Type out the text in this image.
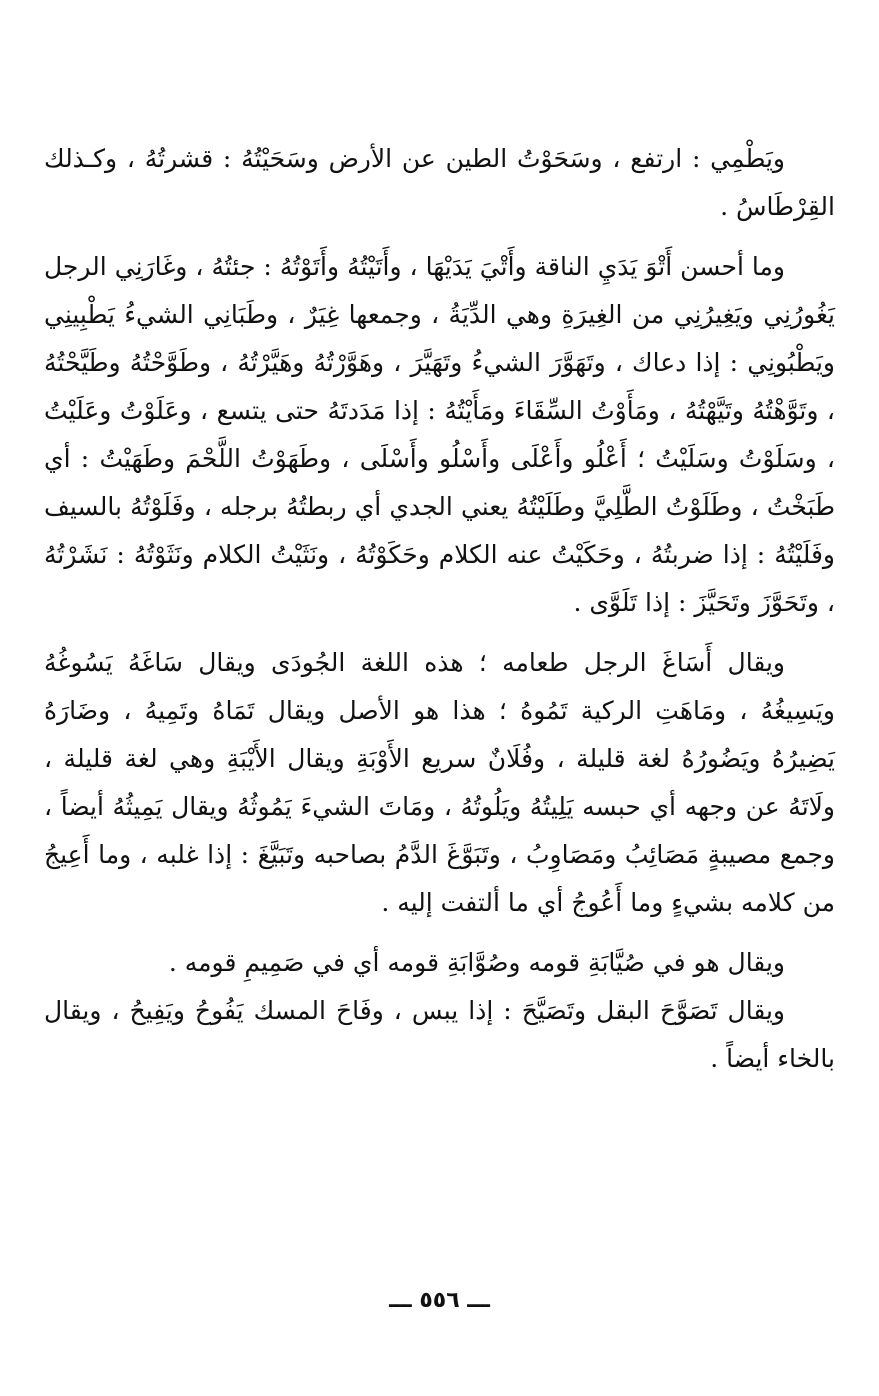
ويَطْمِي : ارتفع ، وسَحَوْتُ الطين عن الأرض وسَحَيْتُهُ : قشرتُهُ ، وكـذلك القِرْطَاسُ .

وما أحسن أَتْوَ يَدَيِ الناقة وأَتْيَ يَدَيْهَا ، وأَتَيْتُهُ وأَتَوْتُهُ : جئتُهُ ، وغَارَنِي الرجل يَغُورُنِي ويَغِيرُنِي من الغِيرَةِ وهي الدِّيَةُ ، وجمعها غِيَرٌ ، وطَبَانِي الشيءُ يَطْبِينِي ويَطْبُونِي : إذا دعاك ، وتَهَوَّرَ الشيءُ وتَهَيَّرَ ، وهَوَّرْتُهُ وهَيَّرْتُهُ ، وطَوَّحْتُهُ وطَيَّحْتُهُ ، وتَوَّهْتُهُ وتَيَّهْتُهُ ، ومَأَوْتُ السِّقَاءَ ومَأَيْتُهُ : إذا مَدَدتَهُ حتى يتسع ، وعَلَوْتُ وعَلَيْتُ ، وسَلَوْتُ وسَلَيْتُ ؛ أَعْلُو وأَعْلَى وأَسْلُو وأَسْلَى ، وطَهَوْتُ اللَّحْمَ وطَهَيْتُ : أي طَبَخْتُ ، وطَلَوْتُ الطَّلِيَّ وطَلَيْتُهُ يعني الجدي أي ربطتُهُ برجله ، وفَلَوْتُهُ بالسيف وفَلَيْتُهُ : إذا ضربتُهُ ، وحَكَيْتُ عنه الكلام وحَكَوْتُهُ ، ونَثَيْتُ الكلام ونَثَوْتُهُ : نَشَرْتُهُ ، وتَحَوَّزَ وتَحَيَّزَ : إذا تَلَوَّى .

ويقال أَسَاغَ الرجل طعامه ؛ هذه اللغة الجُودَى ويقال سَاغَهُ يَسُوغُهُ ويَسِيغُهُ ، ومَاهَتِ الركية تَمُوهُ ؛ هذا هو الأصل ويقال تَمَاهُ وتَمِيهُ ، وضَارَهُ يَضِيرُهُ ويَضُورُهُ لغة قليلة ، وفُلَانٌ سريع الأَوْبَةِ ويقال الأَيْبَةِ وهي لغة قليلة ، ولَاتَهُ عن وجهه أي حبسه يَلِيتُهُ ويَلُوتُهُ ، ومَاتَ الشيءَ يَمُوثُهُ ويقال يَمِيثُهُ أيضاً ، وجمع مصيبةٍ مَصَائِبُ ومَصَاوِبُ ، وتَبَوَّغَ الدَّمُ بصاحبه وتَبَيَّغَ : إذا غلبه ، وما أَعِيجُ من كلامه بشيءٍ وما أَعُوجُ أي ما ألتفت إليه .

ويقال هو في صُيَّابَةِ قومه وصُوَّابَةِ قومه أي في صَمِيمِ قومه .

ويقال تَصَوَّحَ البقل وتَصَيَّحَ : إذا يبس ، وفَاحَ المسك يَفُوحُ ويَفِيحُ ، ويقال بالخاء أيضاً .

ـــ ٥٥٦ ـــ
